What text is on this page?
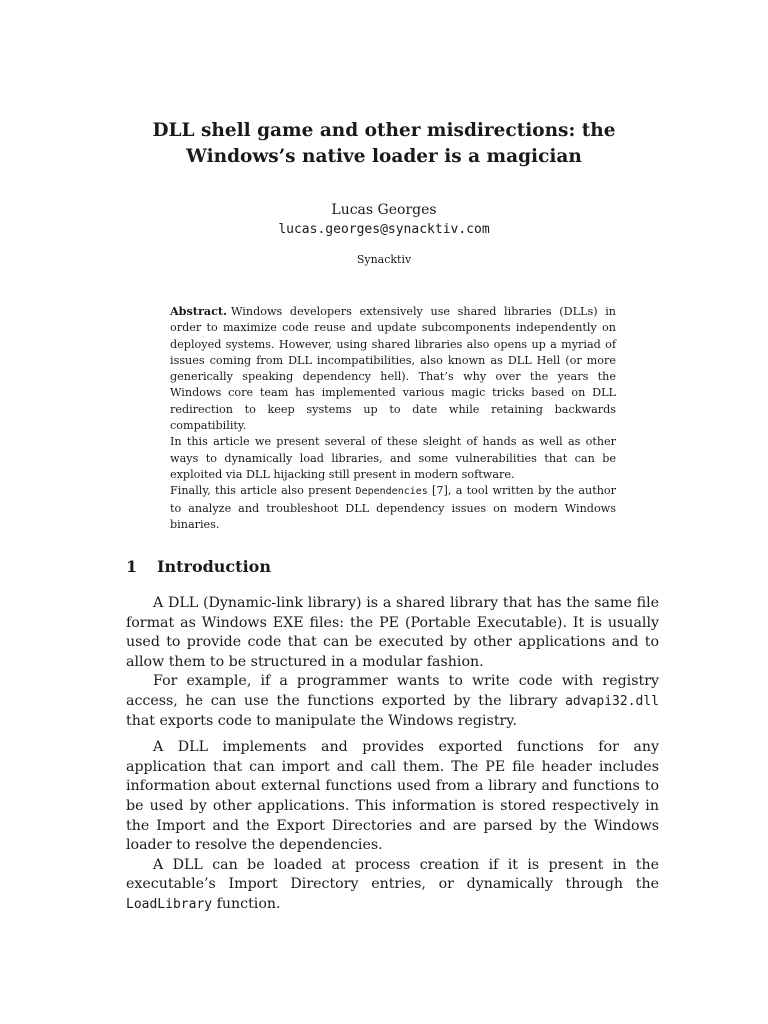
DLL shell game and other misdirections: the
Windows’s native loader is a magician
Lucas Georges
lucas.georges@synacktiv.com
Synacktiv

Abstract. Windows developers extensively use shared libraries (DLLs) in order to maximize code reuse and update subcomponents independently on deployed systems. However, using shared libraries also opens up a myriad of issues coming from DLL incompatibilities, also known as DLL Hell (or more generically speaking dependency hell). That’s why over the years the Windows core team has implemented various magic tricks based on DLL redirection to keep systems up to date while retaining backwards compatibility.

In this article we present several of these sleight of hands as well as other ways to dynamically load libraries, and some vulnerabilities that can be exploited via DLL hijacking still present in modern software.

Finally, this article also present Dependencies [7], a tool written by the author to analyze and troubleshoot DLL dependency issues on modern Windows binaries.

1 Introduction

A DLL (Dynamic-link library) is a shared library that has the same file format as Windows EXE files: the PE (Portable Executable). It is usually used to provide code that can be executed by other applications and to allow them to be structured in a modular fashion.

For example, if a programmer wants to write code with registry access, he can use the functions exported by the library advapi32.dll that exports code to manipulate the Windows registry.

A DLL implements and provides exported functions for any application that can import and call them. The PE file header includes information about external functions used from a library and functions to be used by other applications. This information is stored respectively in the Import and the Export Directories and are parsed by the Windows loader to resolve the dependencies.

A DLL can be loaded at process creation if it is present in the executable’s Import Directory entries, or dynamically through the LoadLibrary function.
